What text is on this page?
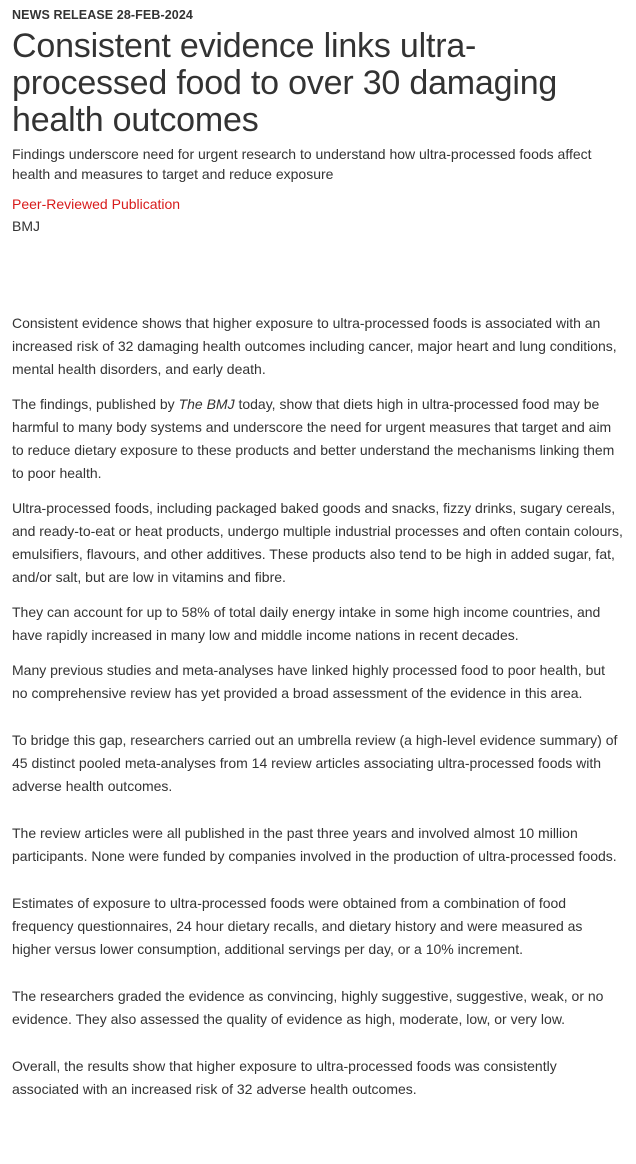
NEWS RELEASE 28-FEB-2024
Consistent evidence links ultra-processed food to over 30 damaging health outcomes
Findings underscore need for urgent research to understand how ultra-processed foods affect health and measures to target and reduce exposure
Peer-Reviewed Publication
BMJ

Consistent evidence shows that higher exposure to ultra-processed foods is associated with an increased risk of 32 damaging health outcomes including cancer, major heart and lung conditions, mental health disorders, and early death.

The findings, published by The BMJ today, show that diets high in ultra-processed food may be harmful to many body systems and underscore the need for urgent measures that target and aim to reduce dietary exposure to these products and better understand the mechanisms linking them to poor health.

Ultra-processed foods, including packaged baked goods and snacks, fizzy drinks, sugary cereals, and ready-to-eat or heat products, undergo multiple industrial processes and often contain colours, emulsifiers, flavours, and other additives. These products also tend to be high in added sugar, fat, and/or salt, but are low in vitamins and fibre.

They can account for up to 58% of total daily energy intake in some high income countries, and have rapidly increased in many low and middle income nations in recent decades.

Many previous studies and meta-analyses have linked highly processed food to poor health, but no comprehensive review has yet provided a broad assessment of the evidence in this area.

To bridge this gap, researchers carried out an umbrella review (a high-level evidence summary) of 45 distinct pooled meta-analyses from 14 review articles associating ultra-processed foods with adverse health outcomes.

The review articles were all published in the past three years and involved almost 10 million participants. None were funded by companies involved in the production of ultra-processed foods.

Estimates of exposure to ultra-processed foods were obtained from a combination of food frequency questionnaires, 24 hour dietary recalls, and dietary history and were measured as higher versus lower consumption, additional servings per day, or a 10% increment.

The researchers graded the evidence as convincing, highly suggestive, suggestive, weak, or no evidence. They also assessed the quality of evidence as high, moderate, low, or very low.

Overall, the results show that higher exposure to ultra-processed foods was consistently associated with an increased risk of 32 adverse health outcomes.
